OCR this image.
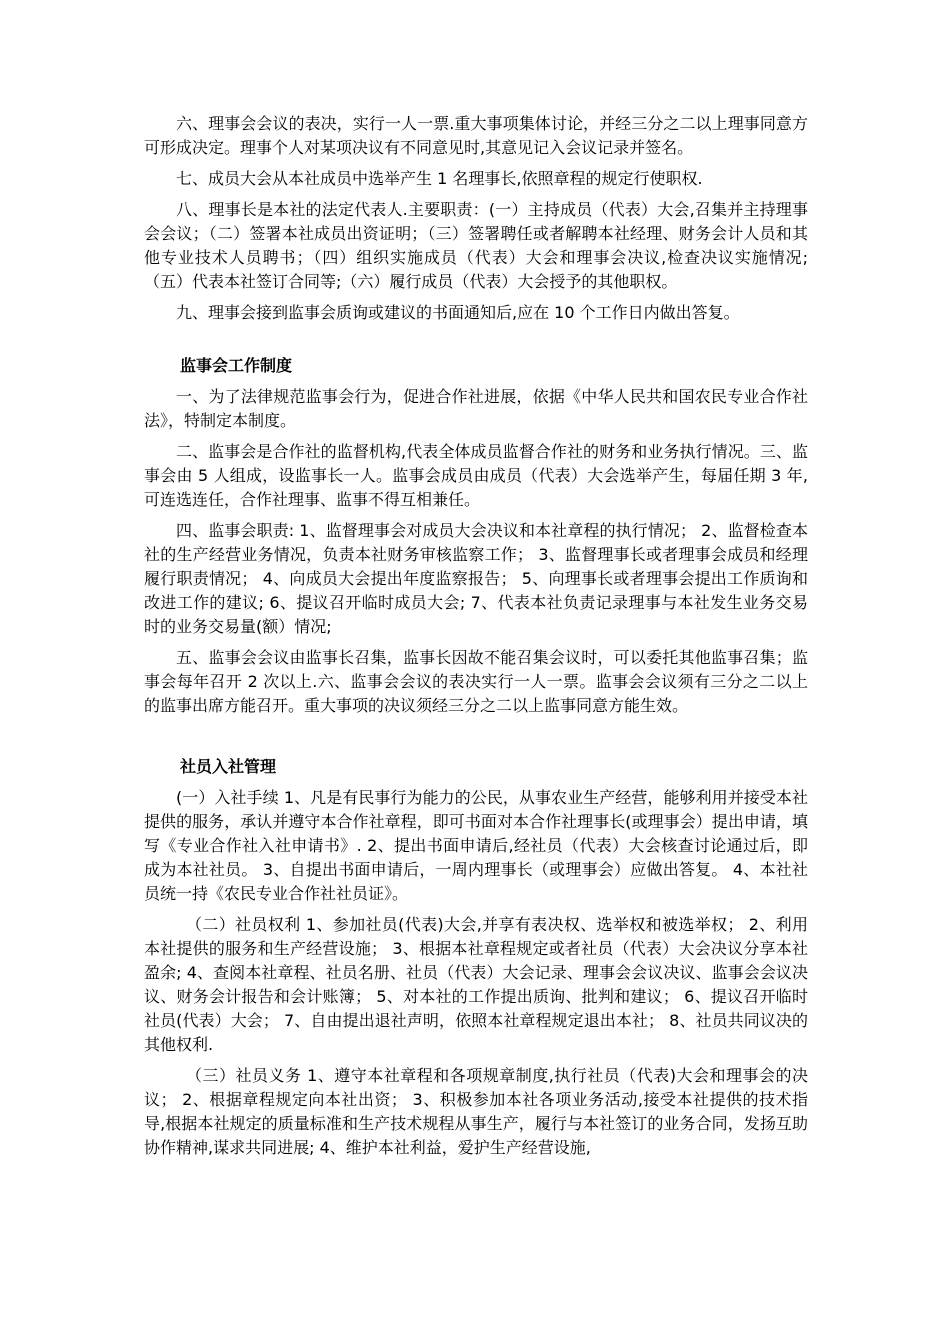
六、理事会会议的表决，实行一人一票.重大事项集体讨论，并经三分之二以上理事同意方可形成决定。理事个人对某项决议有不同意见时,其意见记入会议记录并签名。

七、成员大会从本社成员中选举产生 1 名理事长,依照章程的规定行使职权.

八、理事长是本社的法定代表人.主要职责：(一）主持成员（代表）大会,召集并主持理事会会议；（二）签署本社成员出资证明；（三）签署聘任或者解聘本社经理、财务会计人员和其他专业技术人员聘书；（四）组织实施成员（代表）大会和理事会决议,检查决议实施情况;（五）代表本社签订合同等;（六）履行成员（代表）大会授予的其他职权。

九、理事会接到监事会质询或建议的书面通知后,应在 10 个工作日内做出答复。

监事会工作制度

一、为了法律规范监事会行为，促进合作社进展，依据《中华人民共和国农民专业合作社法》，特制定本制度。

二、监事会是合作社的监督机构,代表全体成员监督合作社的财务和业务执行情况。三、监事会由 5 人组成，设监事长一人。监事会成员由成员（代表）大会选举产生，每届任期 3 年,可连选连任，合作社理事、监事不得互相兼任。

四、监事会职责: 1、监督理事会对成员大会决议和本社章程的执行情况； 2、监督检查本社的生产经营业务情况，负责本社财务审核监察工作； 3、监督理事长或者理事会成员和经理履行职责情况； 4、向成员大会提出年度监察报告； 5、向理事长或者理事会提出工作质询和改进工作的建议; 6、提议召开临时成员大会; 7、代表本社负责记录理事与本社发生业务交易时的业务交易量(额）情况;

五、监事会会议由监事长召集，监事长因故不能召集会议时，可以委托其他监事召集；监事会每年召开 2 次以上.六、监事会会议的表决实行一人一票。监事会会议须有三分之二以上的监事出席方能召开。重大事项的决议须经三分之二以上监事同意方能生效。

社员入社管理

(一）入社手续 1、凡是有民事行为能力的公民，从事农业生产经营，能够利用并接受本社提供的服务，承认并遵守本合作社章程，即可书面对本合作社理事长(或理事会）提出申请，填写《专业合作社入社申请书》. 2、提出书面申请后,经社员（代表）大会核查讨论通过后，即成为本社社员。 3、自提出书面申请后，一周内理事长（或理事会）应做出答复。 4、本社社员统一持《农民专业合作社社员证》。

（二）社员权利 1、参加社员(代表)大会,并享有表决权、选举权和被选举权； 2、利用本社提供的服务和生产经营设施； 3、根据本社章程规定或者社员（代表）大会决议分享本社盈余; 4、查阅本社章程、社员名册、社员（代表）大会记录、理事会会议决议、监事会会议决议、财务会计报告和会计账簿； 5、对本社的工作提出质询、批判和建议； 6、提议召开临时社员(代表）大会； 7、自由提出退社声明，依照本社章程规定退出本社； 8、社员共同议决的其他权利.

（三）社员义务 1、遵守本社章程和各项规章制度,执行社员（代表)大会和理事会的决议； 2、根据章程规定向本社出资； 3、积极参加本社各项业务活动,接受本社提供的技术指导,根据本社规定的质量标准和生产技术规程从事生产，履行与本社签订的业务合同，发扬互助协作精神,谋求共同进展; 4、维护本社利益，爱护生产经营设施,
